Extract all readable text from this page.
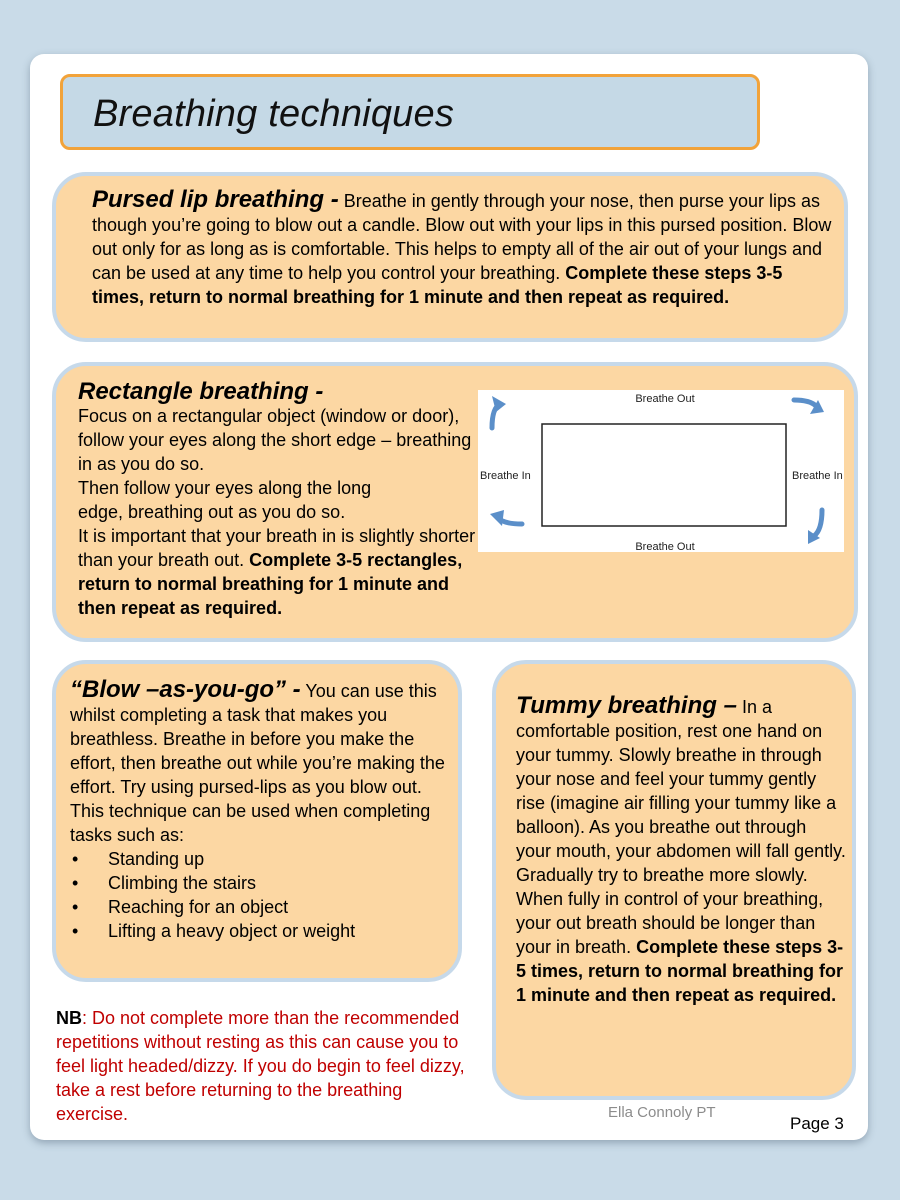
Breathing techniques
Pursed lip breathing - Breathe in gently through your nose, then purse your lips as though you’re going to blow out a candle. Blow out with your lips in this pursed position. Blow out only for as long as is comfortable. This helps to empty all of the air out of your lungs and can be used at any time to help you control your breathing. Complete these steps 3-5 times, return to normal breathing for 1 minute and then repeat as required.
Rectangle breathing -
Focus on a rectangular object (window or door), follow your eyes along the short edge – breathing in as you do so.
Then follow your eyes along the long edge, breathing out as you do so.
It is important that your breath in is slightly shorter than your breath out. Complete 3-5 rectangles, return to normal breathing for 1 minute and then repeat as required.
Breathe Out
Breathe Out
Breathe In	Breathe In
“Blow –as-you-go” - You can use this whilst completing a task that makes you breathless. Breathe in before you make the effort, then breathe out while you’re making the effort. Try using pursed-lips as you blow out.
This technique can be used when completing tasks such as:
• Standing up
• Climbing the stairs
• Reaching for an object
• Lifting a heavy object or weight
Tummy breathing – In a comfortable position, rest one hand on your tummy. Slowly breathe in through your nose and feel your tummy gently rise (imagine air filling your tummy like a balloon). As you breathe out through your mouth, your abdomen will fall gently. Gradually try to breathe more slowly. When fully in control of your breathing, your out breath should be longer than your in breath. Complete these steps 3-5 times, return to normal breathing for 1 minute and then repeat as required.
NB: Do not complete more than the recommended repetitions without resting as this can cause you to feel light headed/dizzy. If you do begin to feel dizzy, take a rest before returning to the breathing exercise.	Ella Connoly PT
Page 3
